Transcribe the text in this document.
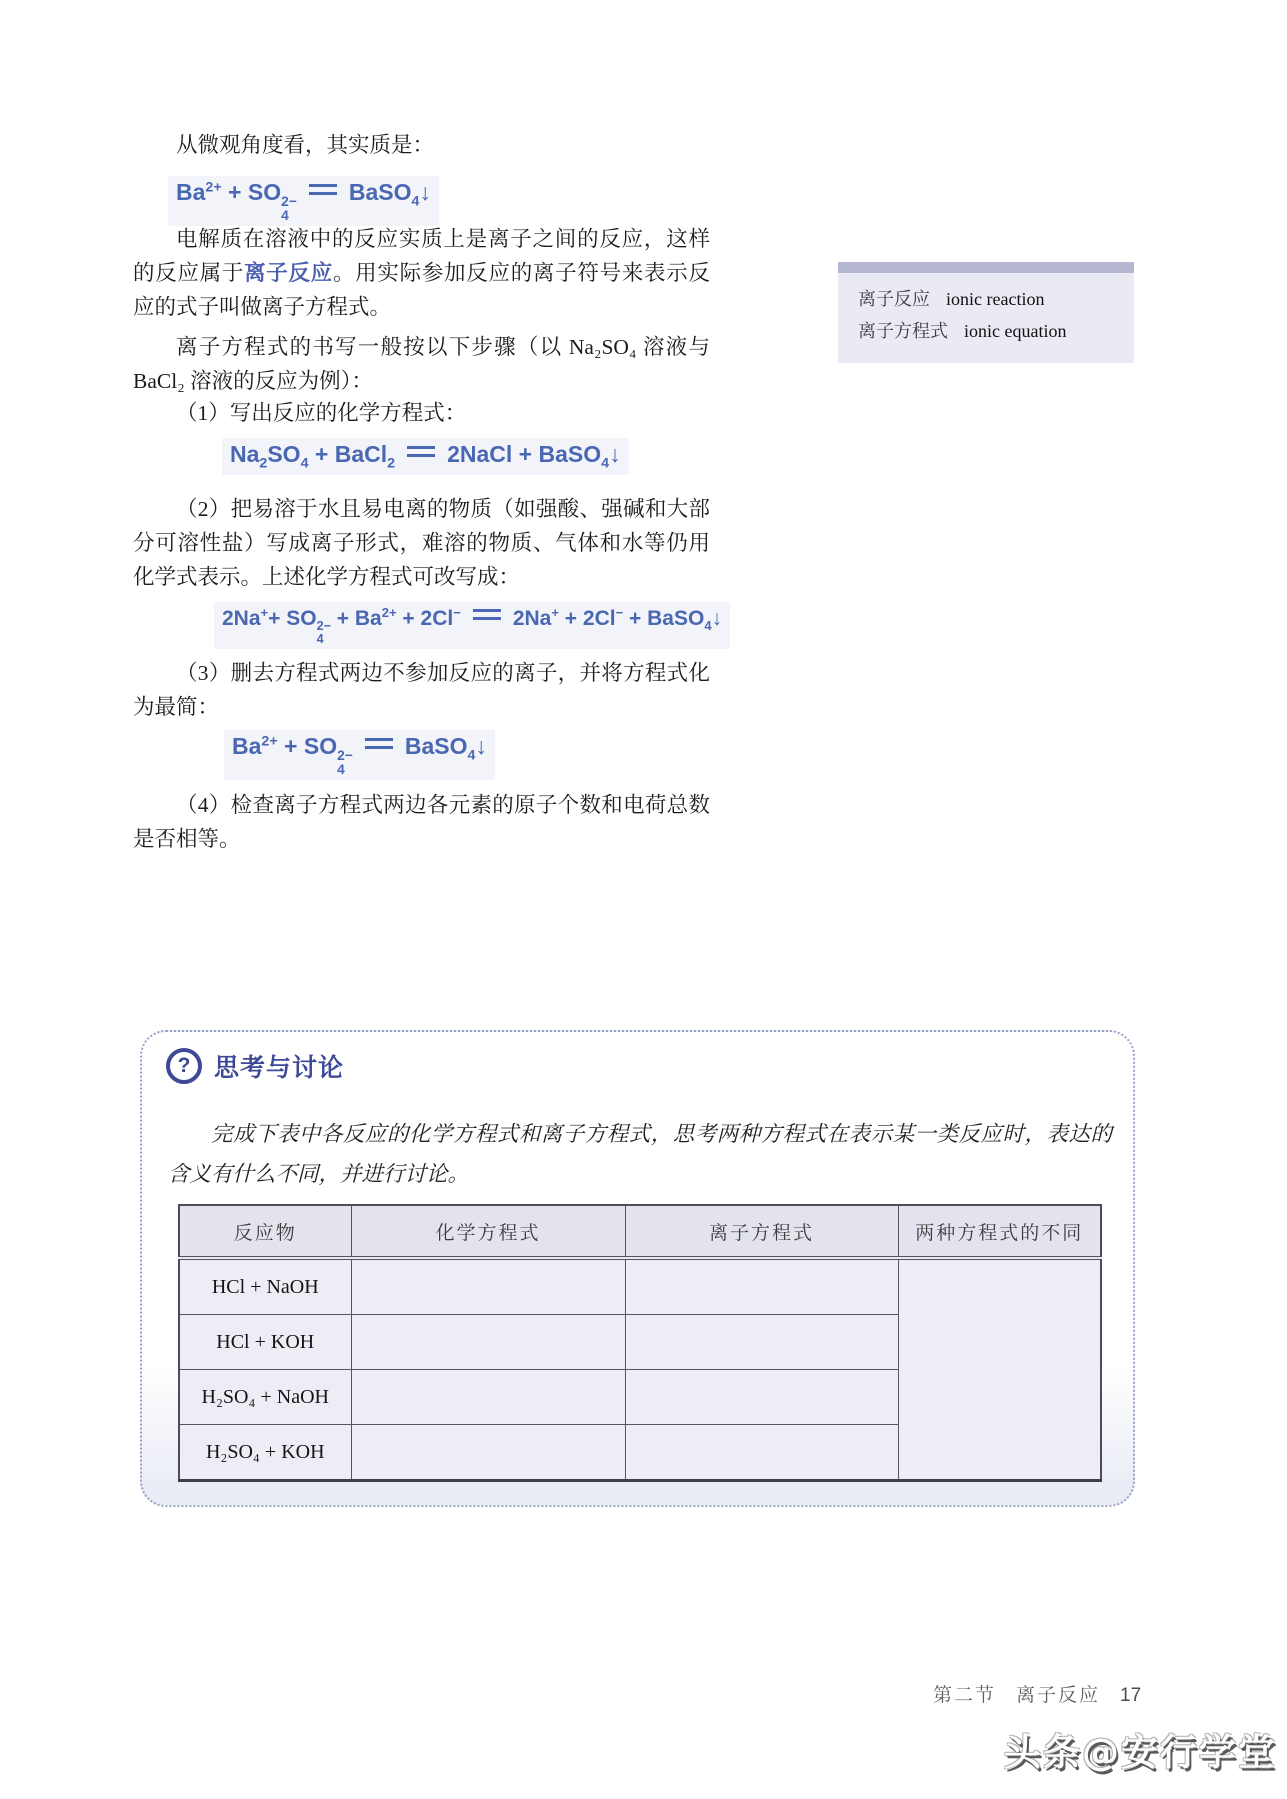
从微观角度看，其实质是：

$Ba^{2+}$ + SO 2−
4
BaSO$_4$↓

电解质在溶液中的反应实质上是离子之间的反应，这样的反应属于离子反应。用实际参加反应的离子符号来表示反应的式子叫做离子方程式。	离子反应 ionic reaction
离子方程式 ionic equation

离子方程式的书写一般按以下步骤（以 Na₂SO₄ 溶液与 BaCl₂ 溶液的反应为例）：

（1）写出反应的化学方程式：

$Na_2SO_4$ + BaCl$_2$ 2NaCl + BaSO$_4$↓

（2）把易溶于水且易电离的物质（如强酸、强碱和大部分可溶性盐）写成离子形式，难溶的物质、气体和水等仍用化学式表示。上述化学方程式可改写成：

2Na++ SO 2−
4
+ $Ba^{2+} + 2Cl^-$ 2Na+ + 2Cl− + BaSO$_4$↓

（3）删去方程式两边不参加反应的离子，并将方程式化为最简：

$Ba^{2+}$ + SO 2−
4
BaSO$_4$↓

（4）检查离子方程式两边各元素的原子个数和电荷总数是否相等。

? 思考与讨论

完成下表中各反应的化学方程式和离子方程式，思考两种方程式在表示某一类反应时，表达的含义有什么不同，并进行讨论。

反应物	化学方程式	离子方程式	两种方程式的不同
HCl + NaOH			
HCl + KOH			
H₂SO₄ + NaOH			
H₂SO₄ + KOH			
第二节 离子反应 17
头条@安行学堂
